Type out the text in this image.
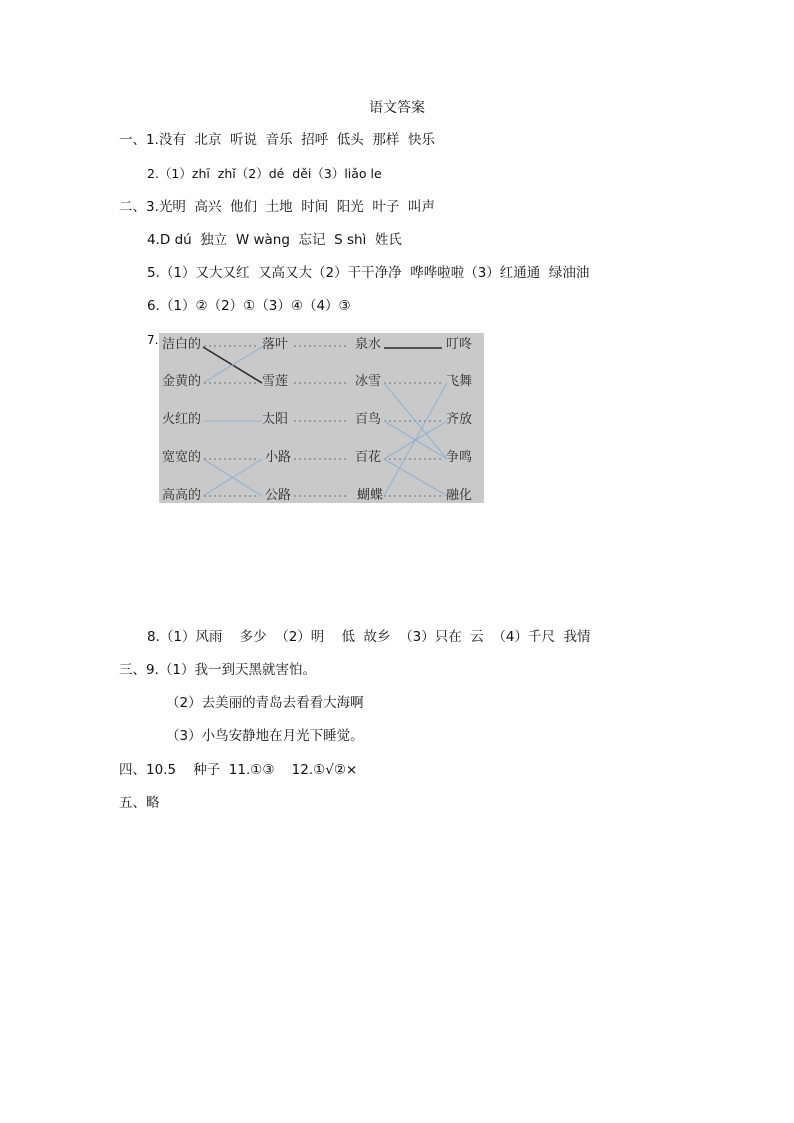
语文答案
一、1.没有  北京  听说  音乐  招呼  低头  那样  快乐
2.（1）zhī  zhǐ（2）dé  děi（3）liǎo le
二、3.光明  高兴  他们  土地  时间  阳光  叶子  叫声
4.D dú  独立  W wàng  忘记  S shì  姓氏
5.（1）又大又红  又高又大（2）干干净净  哗哗啦啦（3）红通通  绿油油
6.（1）②（2）①（3）④（4）③
7. 洁白的
金黄的
火红的
宽宽的
高高的
落叶
雪莲
太阳
小路
公路
泉水
冰雪
百鸟
百花
蝴蝶
叮咚
飞舞
齐放
争鸣
融化
8.（1）风雨    多少  （2）明    低  故乡  （3）只在  云  （4）千尺  我情
三、9.（1）我一到天黑就害怕。
（2）去美丽的青岛去看看大海啊
（3）小鸟安静地在月光下睡觉。
四、10.5    种子  11.①③    12.①√②×
五、略
